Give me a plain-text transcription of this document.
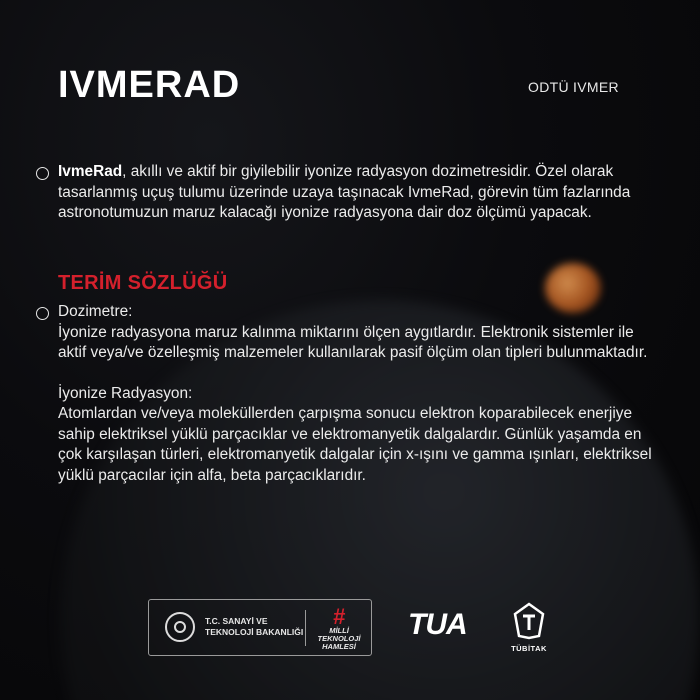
IVMERAD	ODTÜ IVMER
IvmeRad, akıllı ve aktif bir giyilebilir iyonize radyasyon dozimetresidir. Özel olarak tasarlanmış uçuş tulumu üzerinde uzaya taşınacak IvmeRad, görevin tüm fazlarında astronotumuzun maruz kalacağı iyonize radyasyona dair doz ölçümü yapacak.
TERİM SÖZLÜĞÜ
Dozimetre:
İyonize radyasyona maruz kalınma miktarını ölçen aygıtlardır. Elektronik sistemler ile aktif veya/ve özelleşmiş malzemeler kullanılarak pasif ölçüm olan tipleri bulunmaktadır.
İyonize Radyasyon:
Atomlardan ve/veya moleküllerden çarpışma sonucu elektron koparabilecek enerjiye sahip elektriksel yüklü parçacıklar ve elektromanyetik dalgalardır. Günlük yaşamda en çok karşılaşan türleri, elektromanyetik dalgalar için x-ışını ve gamma ışınları, elektriksel yüklü parçacılar için alfa, beta parçacıklarıdır.
T.C. SANAYİ VE
TEKNOLOJİ BAKANLIĞI
#
MİLLİ
TEKNOLOJİ
HAMLESİ
TUA
TÜBİTAK
